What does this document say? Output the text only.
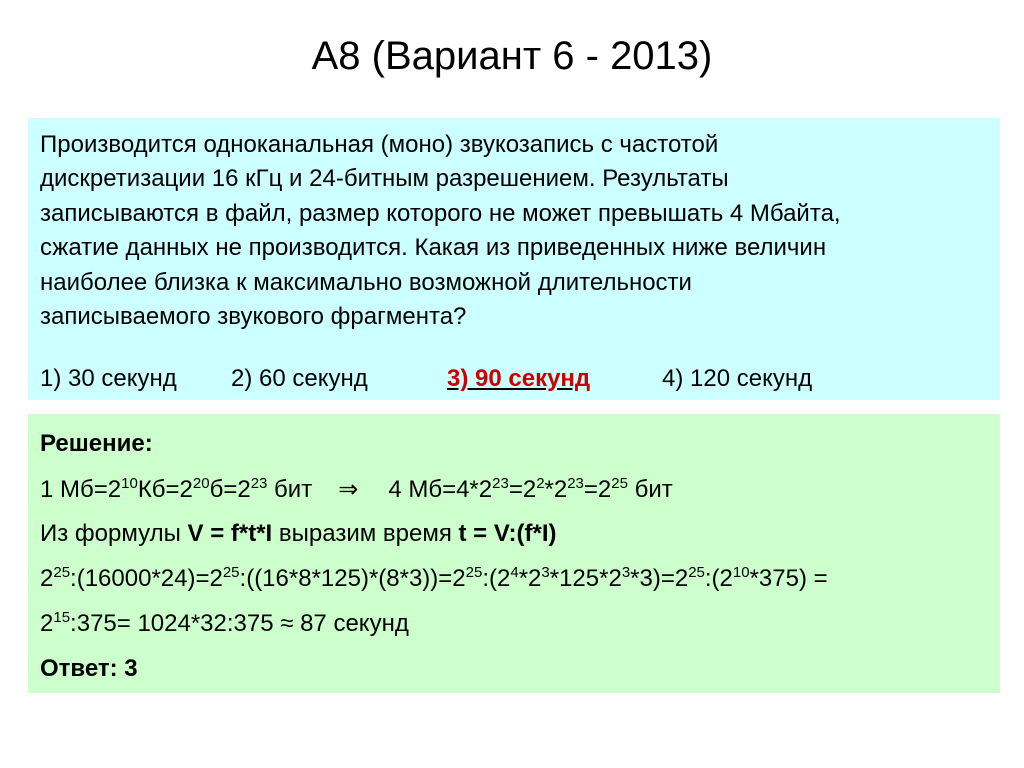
А8 (Вариант 6 - 2013)
Производится одноканальная (моно) звукозапись с частотой
дискретизации 16 кГц и 24-битным разрешением. Результаты
записываются в файл, размер которого не может превышать 4 Мбайта,
сжатие данных не производится. Какая из приведенных ниже величин
наиболее близка к максимально возможной длительности
записываемого звукового фрагмента?
1) 30 секунд 2) 60 секунд	3) 90 секунд	4) 120 секунд
Решение:
1 $Мб=2^{10}Кб=2^{20}б=2^{23}$ бит ⇒ 4 $Мб=4*2^{23}=2^2*2^{23}=2^{25}$ бит
Из формулы V = f*t*I выразим время t = V:(f*I)
$2^{25}:(16000*24)=2^{25}:((16*8*125)*(8*3))=2^{25}:(2^4*2^3*125*2^3*3)=2^{25}:(2^{10}*375)$ =
$2^{15}:375=$ 1024*32:375 ≈ 87 секунд
Ответ: 3
